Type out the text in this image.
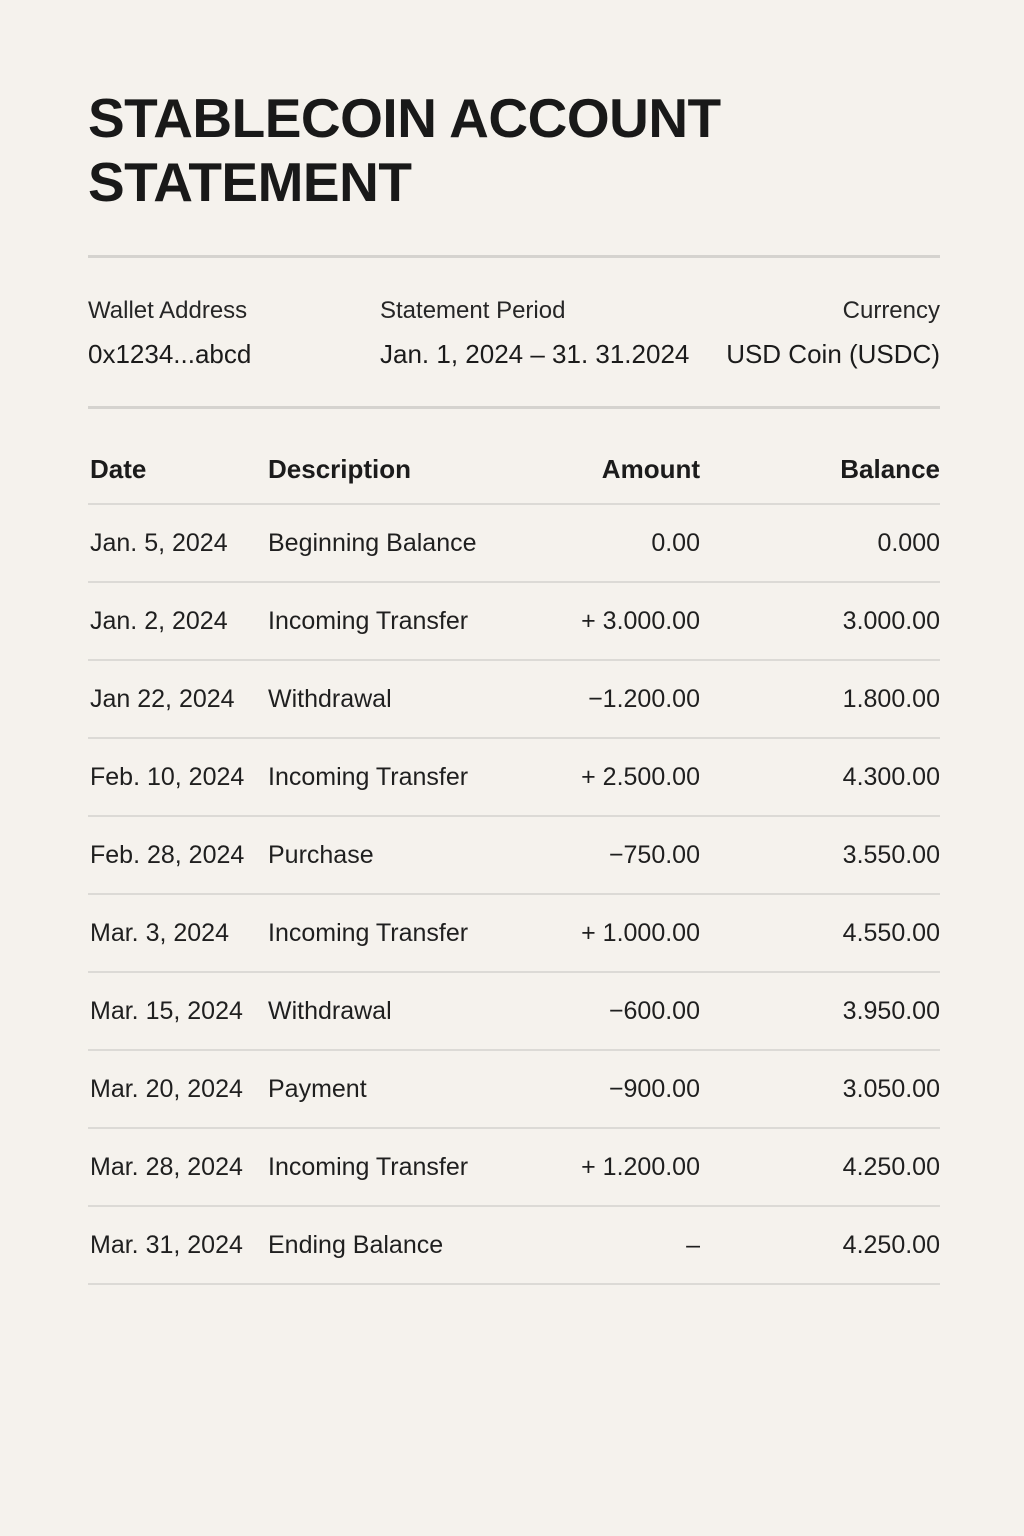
STABLECOIN ACCOUNT
STATEMENT
Wallet Address
0x1234...abcd
Statement Period
Jan. 1, 2024 – 31. 31.2024
Currency
USD Coin (USDC)
Date	Description	Amount	Balance
Jan. 5, 2024	Beginning Balance	0.00	0.000
Jan. 2, 2024	Incoming Transfer	+ 3.000.00	3.000.00
Jan 22, 2024	Withdrawal	−1.200.00	1.800.00
Feb. 10, 2024 Incoming Transfer	+ 2.500.00	4.300.00
Feb. 28, 2024 Purchase	−750.00	3.550.00
Mar. 3, 2024	Incoming Transfer	+ 1.000.00	4.550.00
Mar. 15, 2024	Withdrawal	−600.00	3.950.00
Mar. 20, 2024	Payment	−900.00	3.050.00
Mar. 28, 2024	Incoming Transfer	+ 1.200.00	4.250.00
Mar. 31, 2024	Ending Balance	–	4.250.00
